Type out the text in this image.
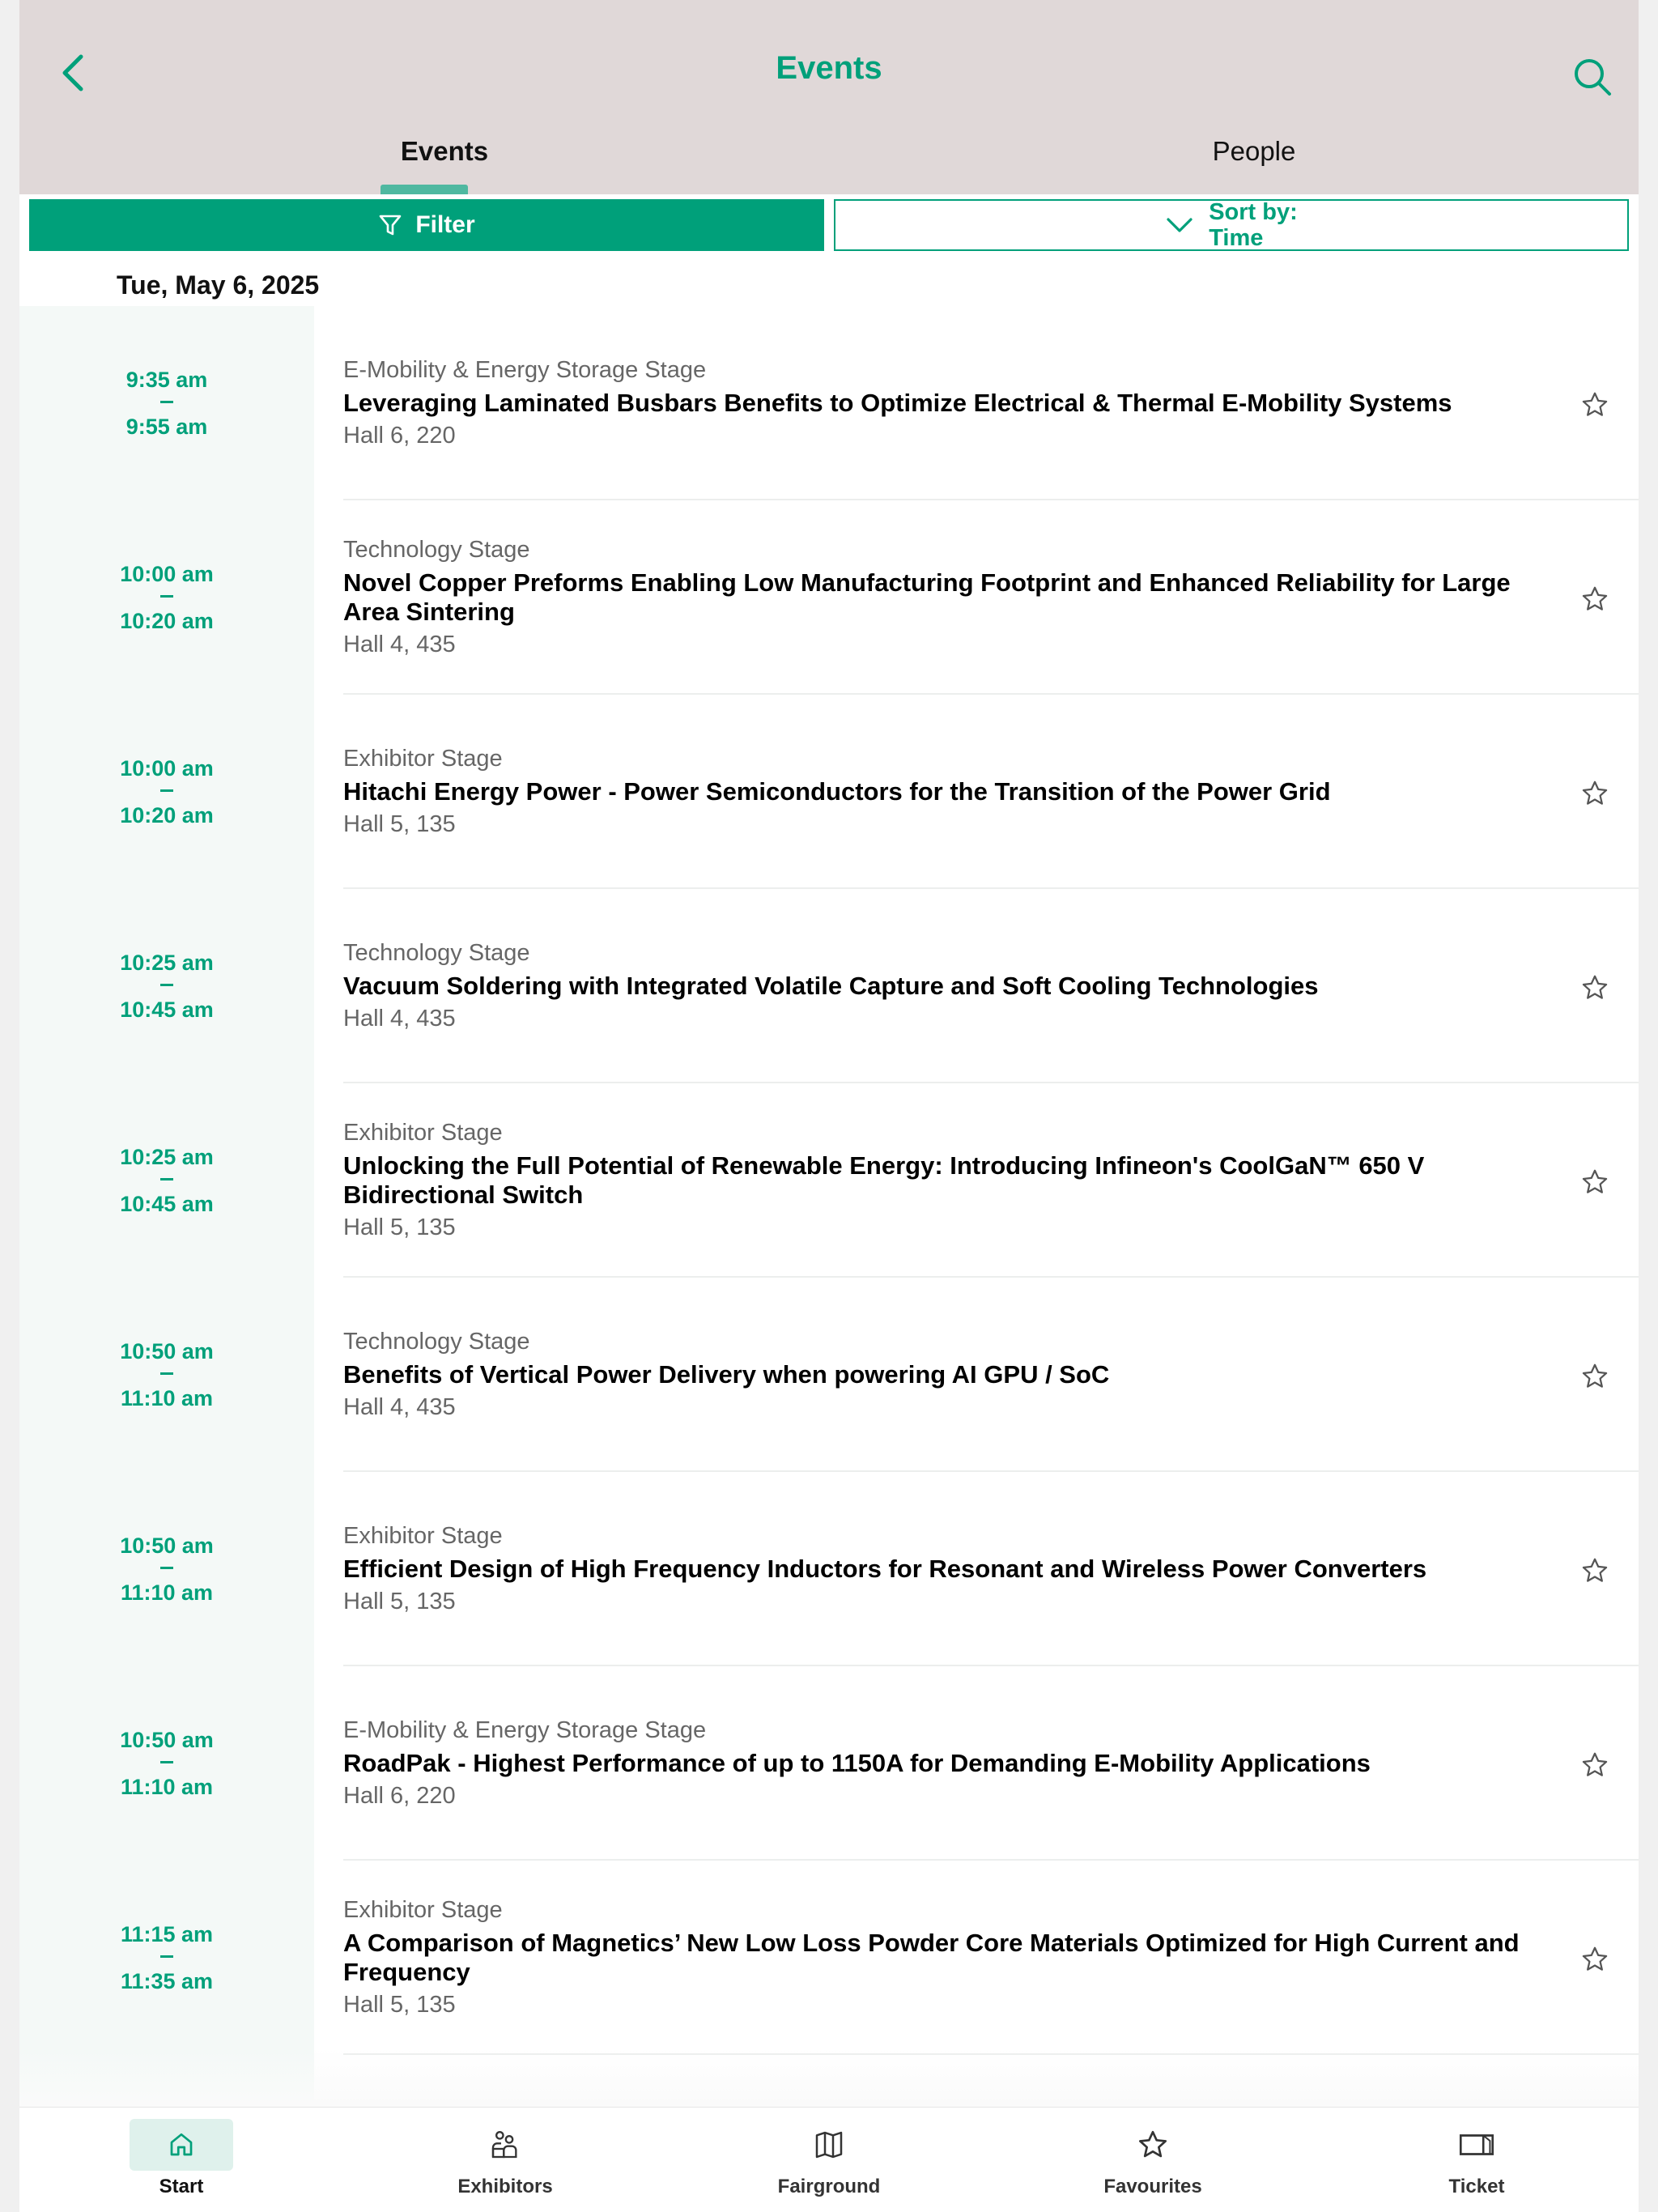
Events
Events	People
Filter	Sort by:
Time
Tue, May 6, 2025
9:35 am
9:55 am
E-Mobility & Energy Storage Stage
Leveraging Laminated Busbars Benefits to Optimize Electrical & Thermal E-Mobility Systems
Hall 6, 220
10:00 am
10:20 am
Technology Stage
Novel Copper Preforms Enabling Low Manufacturing Footprint and Enhanced Reliability for Large Area Sintering
Hall 4, 435
10:00 am
10:20 am
Exhibitor Stage
Hitachi Energy Power - Power Semiconductors for the Transition of the Power Grid
Hall 5, 135
10:25 am
10:45 am
Technology Stage
Vacuum Soldering with Integrated Volatile Capture and Soft Cooling Technologies
Hall 4, 435
10:25 am
10:45 am
Exhibitor Stage
Unlocking the Full Potential of Renewable Energy: Introducing Infineon's CoolGaN™ 650 V Bidirectional Switch
Hall 5, 135
10:50 am
11:10 am
Technology Stage
Benefits of Vertical Power Delivery when powering AI GPU / SoC
Hall 4, 435
10:50 am
11:10 am
Exhibitor Stage
Efficient Design of High Frequency Inductors for Resonant and Wireless Power Converters
Hall 5, 135
10:50 am
11:10 am
E-Mobility & Energy Storage Stage
RoadPak - Highest Performance of up to 1150A for Demanding E-Mobility Applications
Hall 6, 220
11:15 am
11:35 am
Exhibitor Stage
A Comparison of Magnetics’ New Low Loss Powder Core Materials Optimized for High Current and Frequency
Hall 5, 135
Start	Exhibitors	Fairground	Favourites	Ticket
